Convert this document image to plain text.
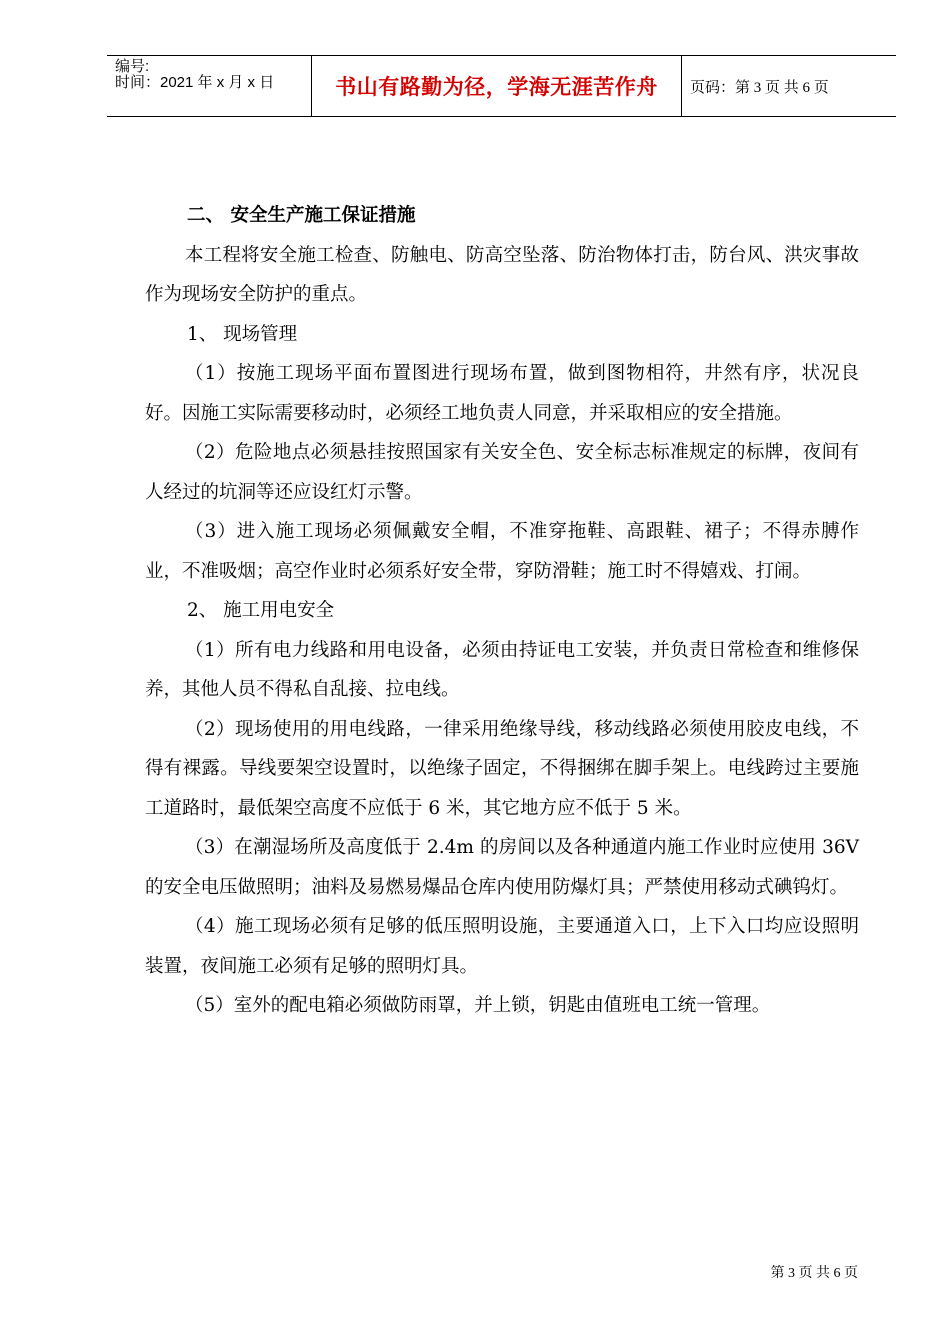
编号:
时间：2021 年 x 月 x 日	书山有路勤为径，学海无涯苦作舟	页码：第 3 页 共 6 页

二、 安全生产施工保证措施

本工程将安全施工检查、防触电、防高空坠落、防治物体打击，防台风、洪灾事故作为现场安全防护的重点。

1、 现场管理

（1）按施工现场平面布置图进行现场布置，做到图物相符，井然有序，状况良好。因施工实际需要移动时，必须经工地负责人同意，并采取相应的安全措施。

（2）危险地点必须悬挂按照国家有关安全色、安全标志标准规定的标牌，夜间有人经过的坑洞等还应设红灯示警。

（3）进入施工现场必须佩戴安全帽，不准穿拖鞋、高跟鞋、裙子；不得赤膊作业，不准吸烟；高空作业时必须系好安全带，穿防滑鞋；施工时不得嬉戏、打闹。

2、 施工用电安全

（1）所有电力线路和用电设备，必须由持证电工安装，并负责日常检查和维修保养，其他人员不得私自乱接、拉电线。

（2）现场使用的用电线路，一律采用绝缘导线，移动线路必须使用胶皮电线，不得有裸露。导线要架空设置时，以绝缘子固定，不得捆绑在脚手架上。电线跨过主要施工道路时，最低架空高度不应低于 6 米，其它地方应不低于 5 米。

（3）在潮湿场所及高度低于 2.4m 的房间以及各种通道内施工作业时应使用 36V 的安全电压做照明；油料及易燃易爆品仓库内使用防爆灯具；严禁使用移动式碘钨灯。

（4）施工现场必须有足够的低压照明设施，主要通道入口，上下入口均应设照明装置，夜间施工必须有足够的照明灯具。

（5）室外的配电箱必须做防雨罩，并上锁，钥匙由值班电工统一管理。

第 3 页 共 6 页
